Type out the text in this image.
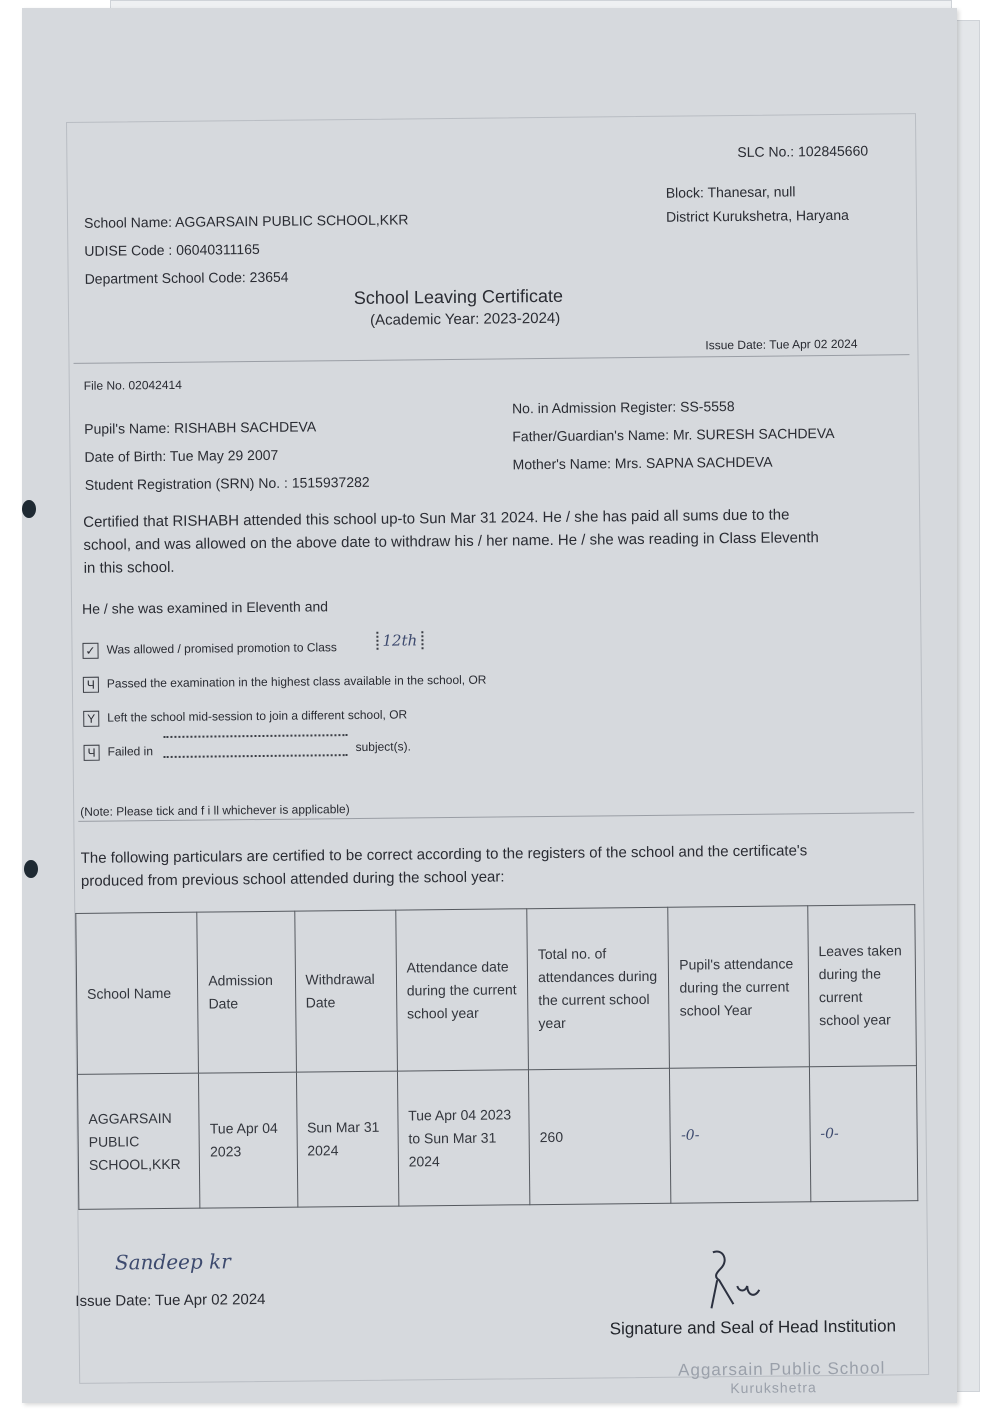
SLC No.: 102845660
Block: Thanesar, null
District Kurukshetra, Haryana
School Name: AGGARSAIN PUBLIC SCHOOL,KKR
UDISE Code : 06040311165
Department School Code: 23654
School Leaving Certificate
(Academic Year: 2023-2024)
Issue Date: Tue Apr 02 2024
File No. 02042414
Pupil's Name: RISHABH SACHDEVA
Date of Birth: Tue May 29 2007
Student Registration (SRN) No. : 1515937282
No. in Admission Register: SS-5558
Father/Guardian's Name: Mr. SURESH SACHDEVA
Mother's Name: Mrs. SAPNA SACHDEVA
Certified that RISHABH attended this school up-to Sun Mar 31 2024. He / she has paid all sums due to the
school, and was allowed on the above date to withdraw his / her name. He / she was reading in Class Eleventh
in this school.
He / she was examined in Eleventh and
✓ Was allowed / promised promotion to Class	12th
Ч Passed the examination in the highest class available in the school, OR
Y Left the school mid-session to join a different school, OR
Ч Failed in	subject(s).
(Note: Please tick and f i ll whichever is applicable)
The following particulars are certified to be correct according to the registers of the school and the certificate's
produced from previous school attended during the school year:
School Name	Admission Date	Withdrawal Date	Attendance date during the current school year	Total no. of attendances during the current school year	Pupil's attendance during the current school Year	Leaves taken during the current school year
AGGARSAIN PUBLIC SCHOOL,KKR	Tue Apr 04 2023	Sun Mar 31 2024	Tue Apr 04 2023 to Sun Mar 31 2024	260	-0-	-0-
Sandeep kr
Issue Date: Tue Apr 02 2024
Signature and Seal of Head Institution
Aggarsain Public School
Kurukshetra
